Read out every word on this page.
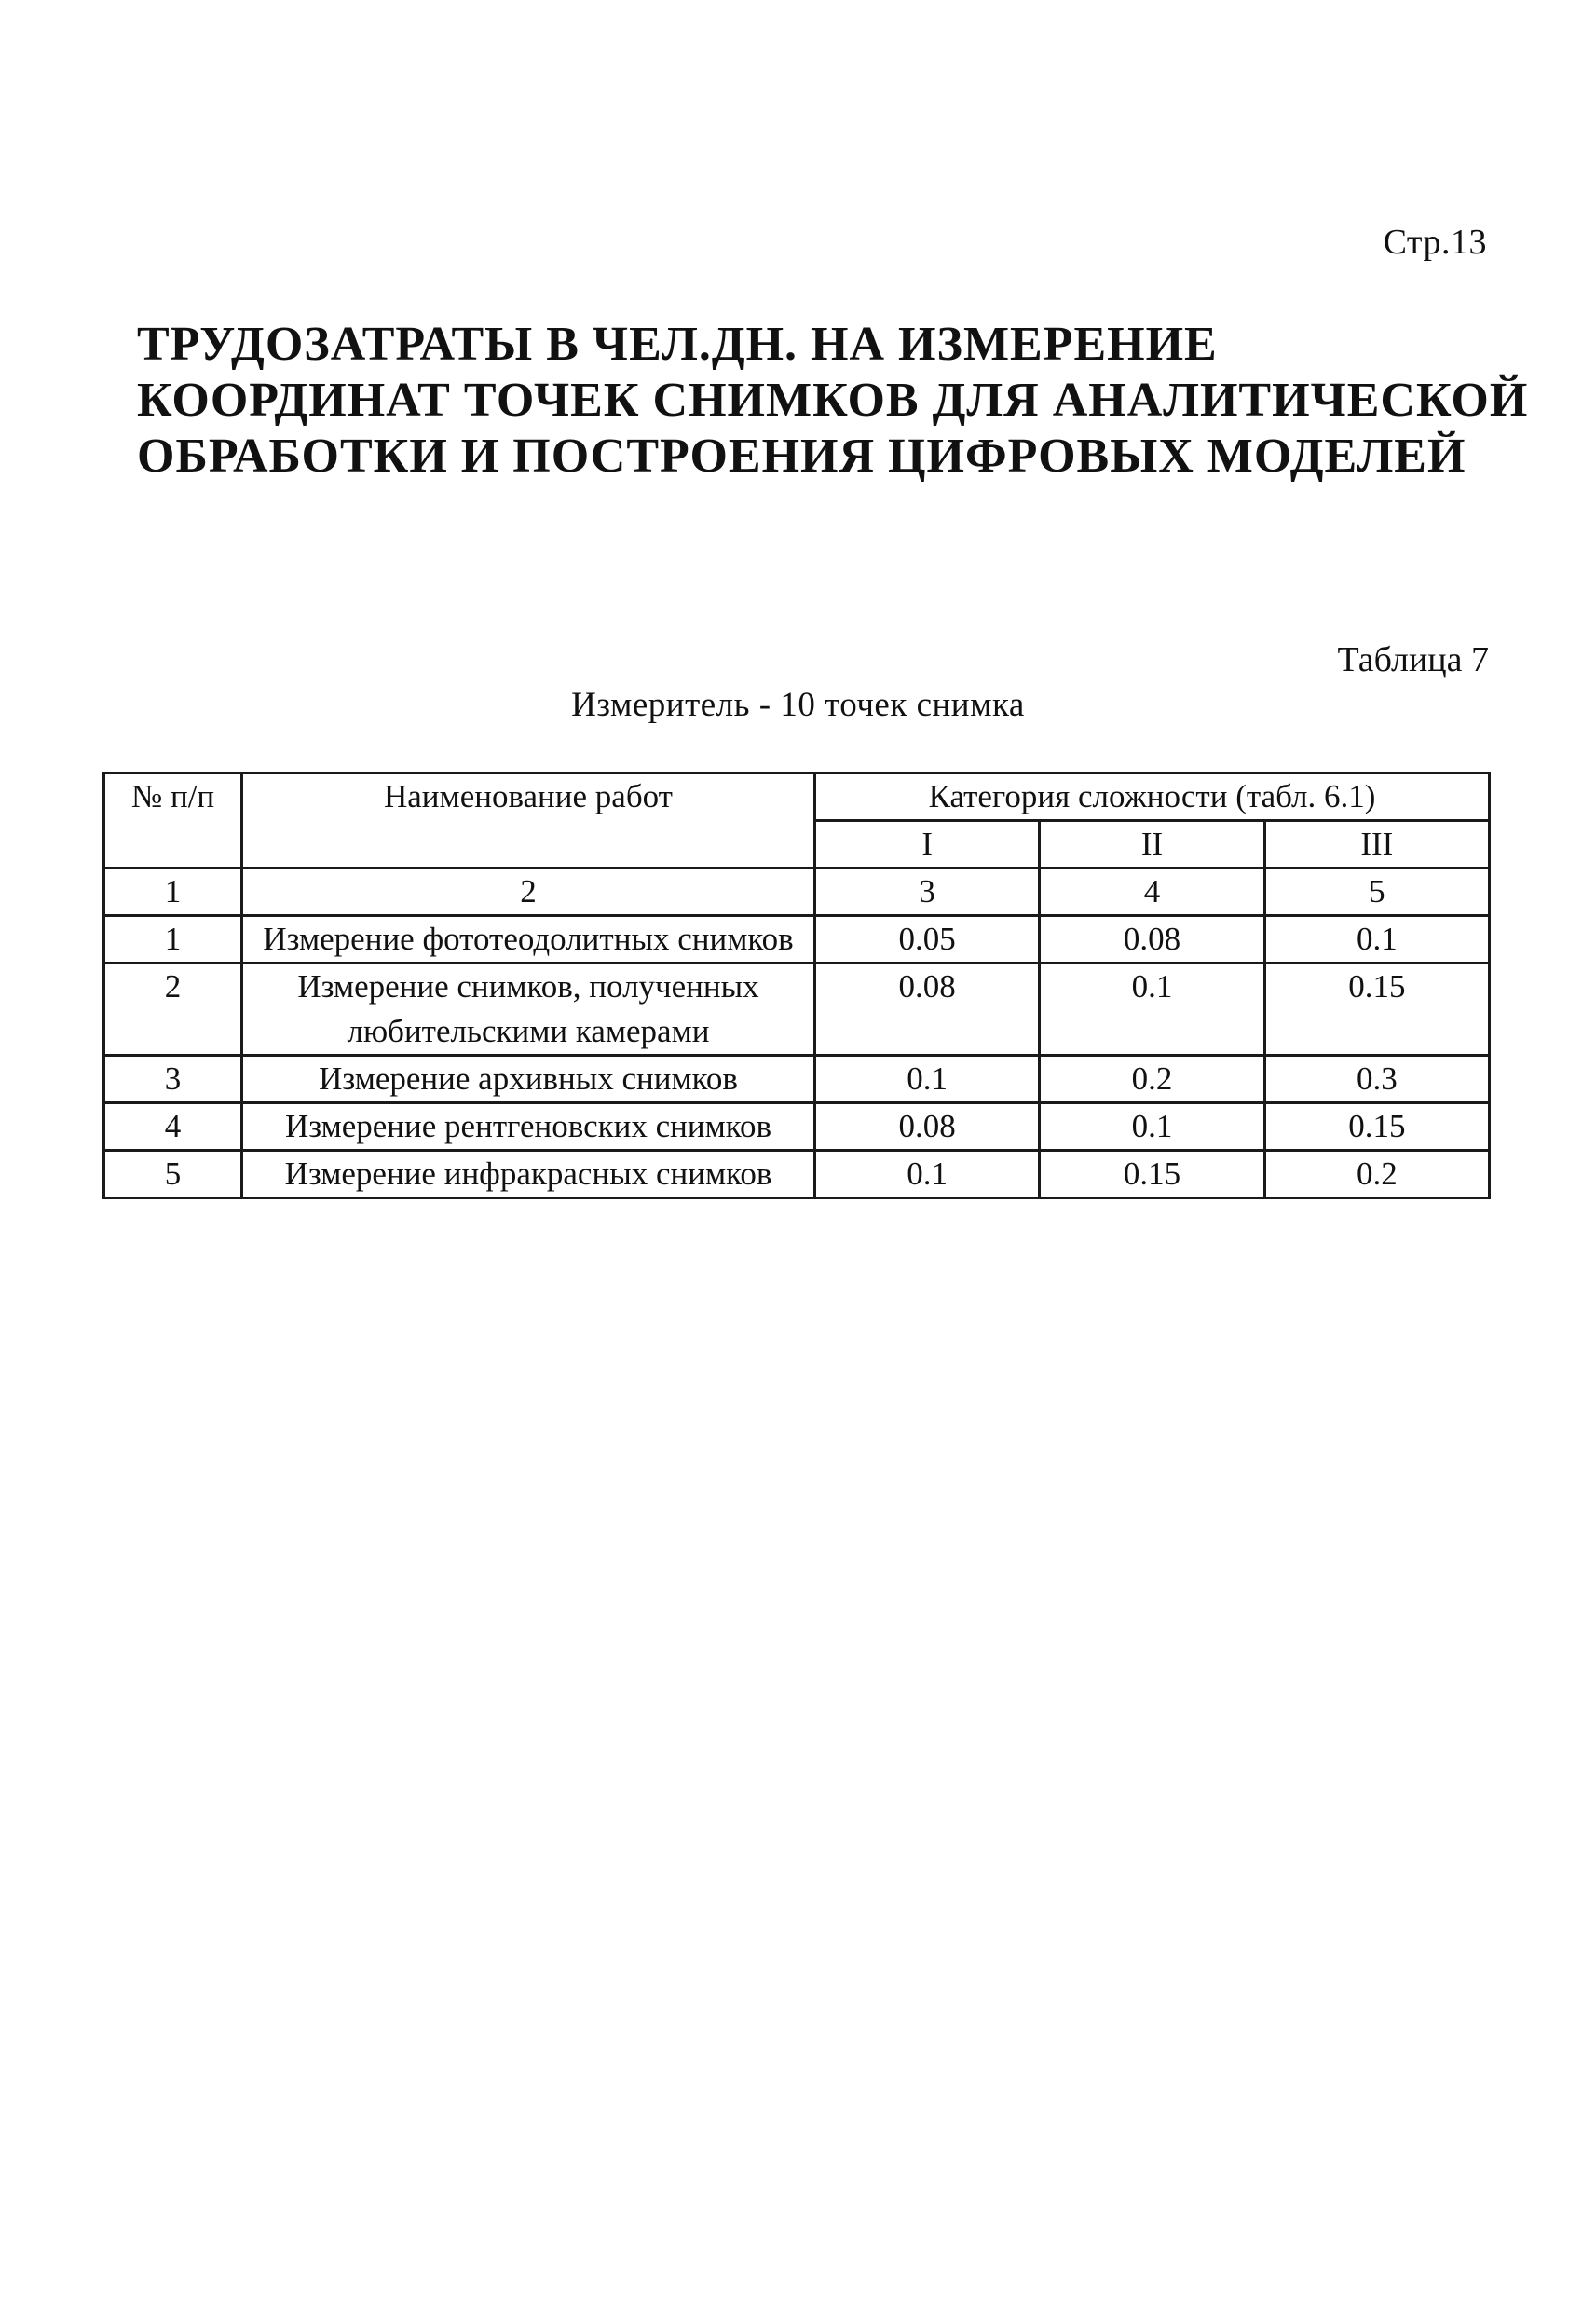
Стр.13
ТРУДОЗАТРАТЫ В ЧЕЛ.ДН. НА ИЗМЕРЕНИЕ
КООРДИНАТ ТОЧЕК СНИМКОВ ДЛЯ АНАЛИТИЧЕСКОЙ
ОБРАБОТКИ И ПОСТРОЕНИЯ ЦИФРОВЫХ МОДЕЛЕЙ
Таблица 7
Измеритель - 10 точек снимка
№ п/п	Наименование работ	Категория сложности (табл. 6.1)		
		I	II	III
1	2	3	4	5
1	Измерение фототеодолитных снимков	0.05	0.08	0.1
2	Измерение снимков, полученных любительскими камерами	0.08	0.1	0.15
3	Измерение архивных снимков	0.1	0.2	0.3
4	Измерение рентгеновских снимков	0.08	0.1	0.15
5	Измерение инфракрасных снимков	0.1	0.15	0.2
